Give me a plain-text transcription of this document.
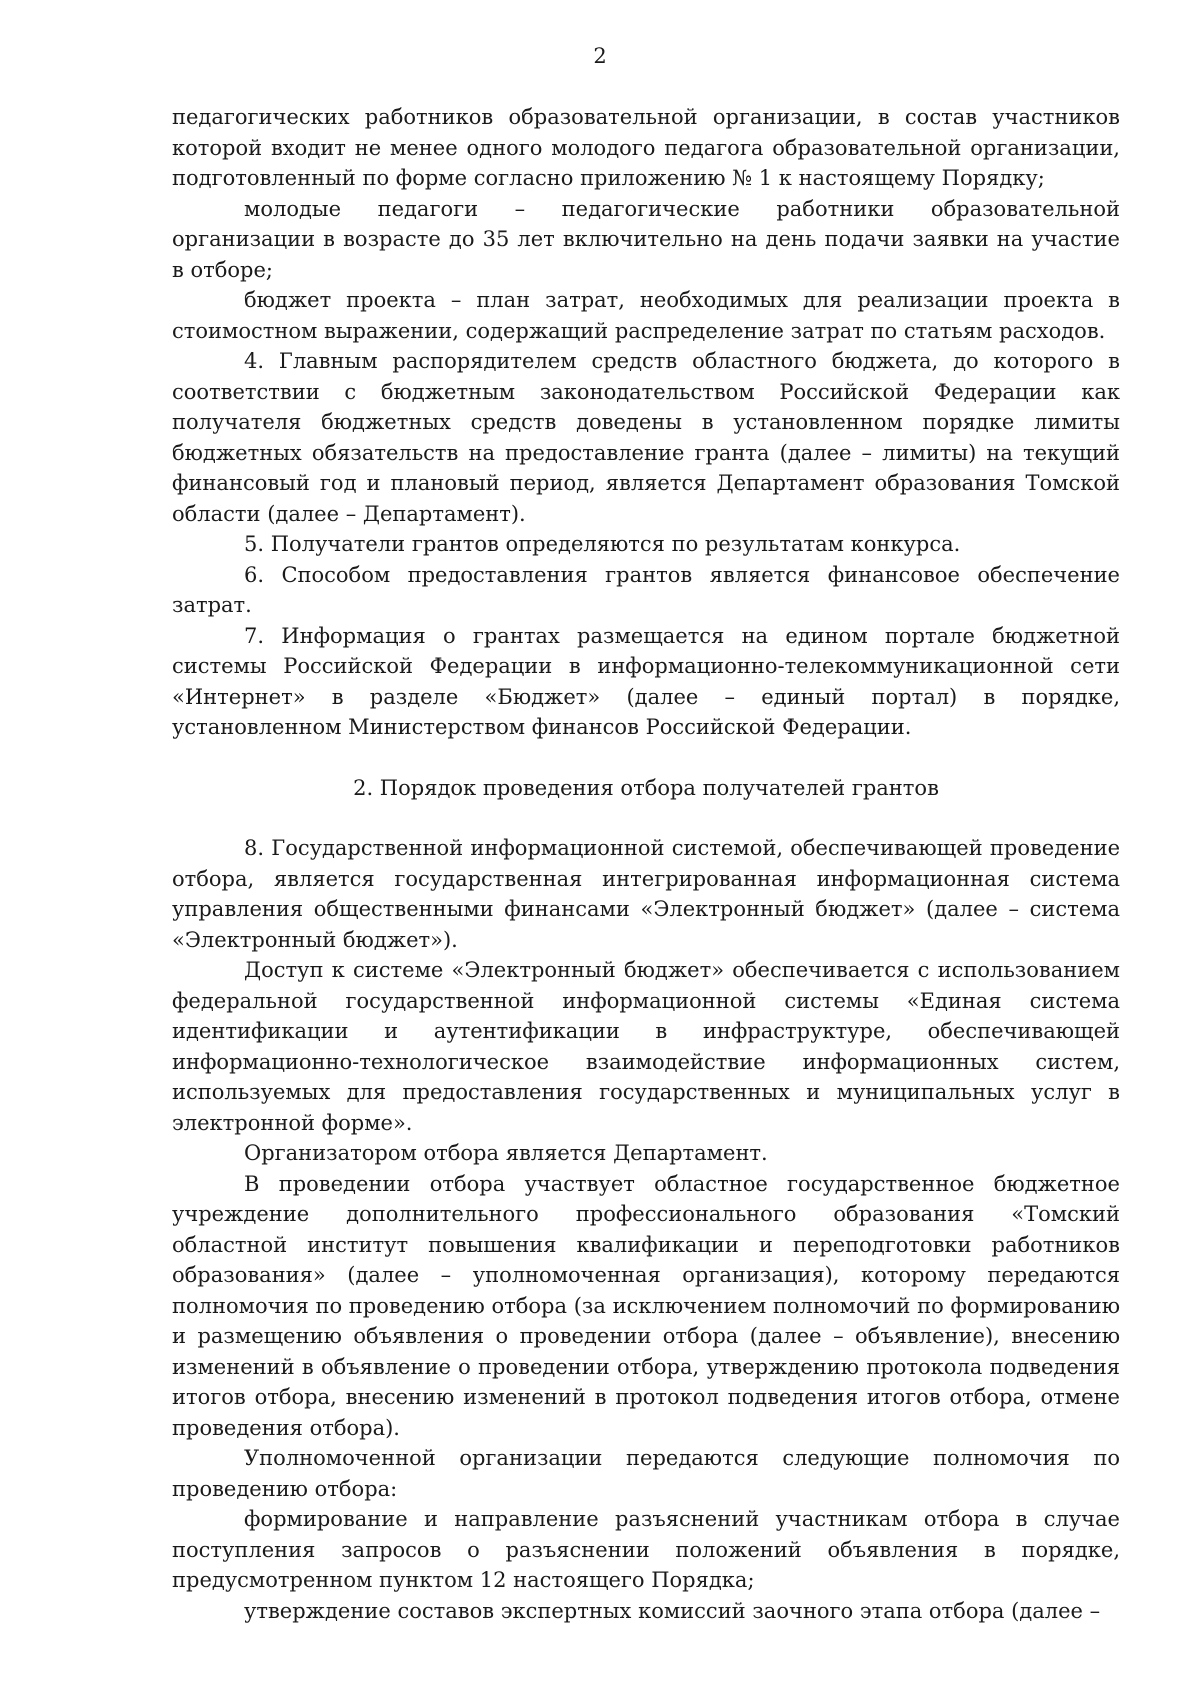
2

педагогических работников образовательной организации, в состав участников которой входит не менее одного молодого педагога образовательной организации, подготовленный по форме согласно приложению № 1 к настоящему Порядку;

молодые педагоги – педагогические работники образовательной организации в возрасте до 35 лет включительно на день подачи заявки на участие в отборе;

бюджет проекта – план затрат, необходимых для реализации проекта в стоимостном выражении, содержащий распределение затрат по статьям расходов.

4. Главным распорядителем средств областного бюджета, до которого в соответствии с бюджетным законодательством Российской Федерации как получателя бюджетных средств доведены в установленном порядке лимиты бюджетных обязательств на предоставление гранта (далее – лимиты) на текущий финансовый год и плановый период, является Департамент образования Томской области (далее – Департамент).

5. Получатели грантов определяются по результатам конкурса.

6. Способом предоставления грантов является финансовое обеспечение затрат.

7. Информация о грантах размещается на едином портале бюджетной системы Российской Федерации в информационно-телекоммуникационной сети «Интернет» в разделе «Бюджет» (далее – единый портал) в порядке, установленном Министерством финансов Российской Федерации.

2. Порядок проведения отбора получателей грантов

8. Государственной информационной системой, обеспечивающей проведение отбора, является государственная интегрированная информационная система управления общественными финансами «Электронный бюджет» (далее – система «Электронный бюджет»).

Доступ к системе «Электронный бюджет» обеспечивается с использованием федеральной государственной информационной системы «Единая система идентификации и аутентификации в инфраструктуре, обеспечивающей информационно-технологическое взаимодействие информационных систем, используемых для предоставления государственных и муниципальных услуг в электронной форме».

Организатором отбора является Департамент.

В проведении отбора участвует областное государственное бюджетное учреждение дополнительного профессионального образования «Томский областной институт повышения квалификации и переподготовки работников образования» (далее – уполномоченная организация), которому передаются полномочия по проведению отбора (за исключением полномочий по формированию и размещению объявления о проведении отбора (далее – объявление), внесению изменений в объявление о проведении отбора, утверждению протокола подведения итогов отбора, внесению изменений в протокол подведения итогов отбора, отмене проведения отбора).

Уполномоченной организации передаются следующие полномочия по проведению отбора:

формирование и направление разъяснений участникам отбора в случае поступления запросов о разъяснении положений объявления в порядке, предусмотренном пунктом 12 настоящего Порядка;

утверждение составов экспертных комиссий заочного этапа отбора (далее –
